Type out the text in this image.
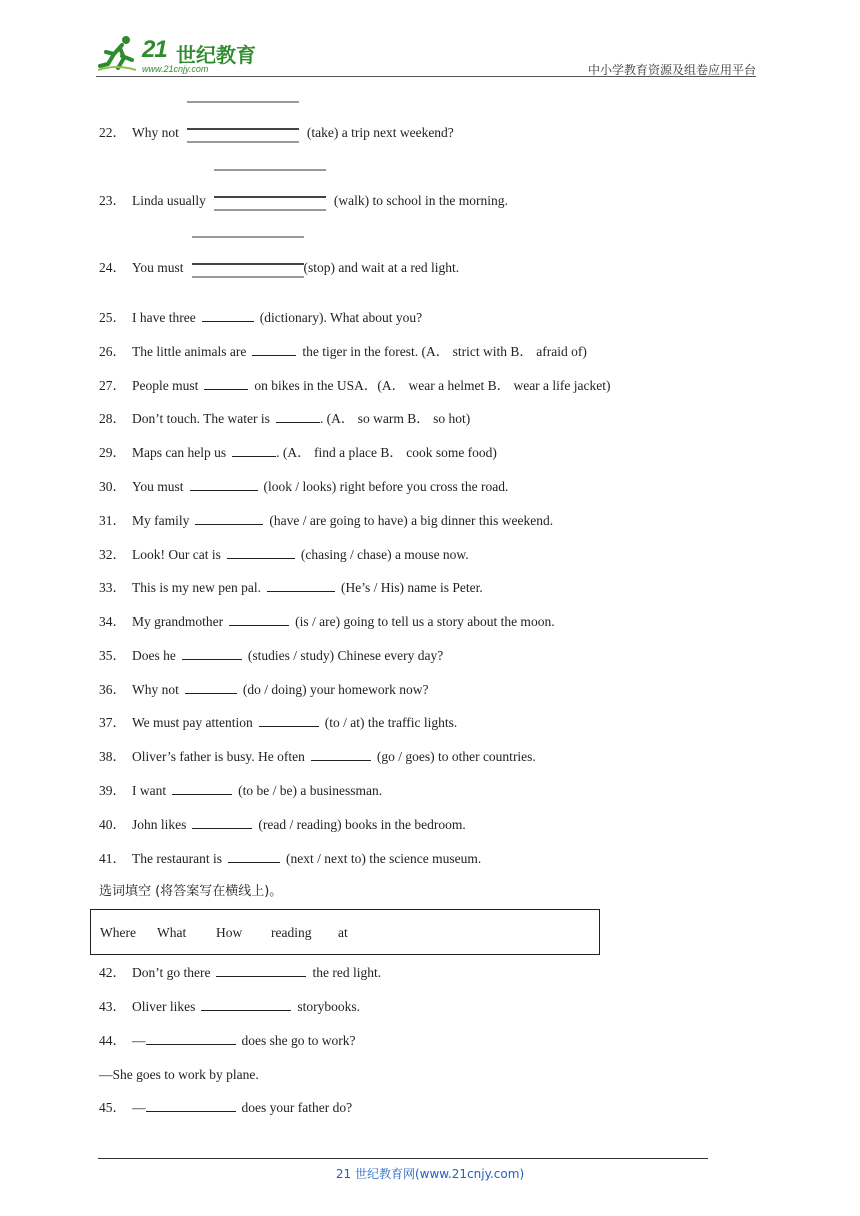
21 世纪教育
www.21cnjy.com	中小学教育资源及组卷应用平台
22． Why not	(take) a trip next weekend?
23． Linda usually	(walk) to school in the morning.
24． You must	(stop) and wait at a red light.
25． I have three	(dictionary). What about you?
26． The little animals are	the tiger in the forest. (A． strict with B． afraid of)
27． People must	on bikes in the USA．(A． wear a helmet B． wear a life jacket)
28． Don’t touch. The water is	. (A． so warm B． so hot)
29． Maps can help us	. (A． find a place B． cook some food)
30． You must	(look / looks) right before you cross the road.
31． My family	(have / are going to have) a big dinner this weekend.
32． Look! Our cat is	(chasing / chase) a mouse now.
33． This is my new pen pal.	(He’s / His) name is Peter.
34． My grandmother	(is / are) going to tell us a story about the moon.
35． Does he	(studies / study) Chinese every day?
36． Why not	(do / doing) your homework now?
37． We must pay attention	(to / at) the traffic lights.
38． Oliver’s father is busy. He often	(go / goes) to other countries.
39． I want	(to be / be) a businessman.
40． John likes	(read / reading) books in the bedroom.
41． The restaurant is	(next / next to) the science museum.
选词填空 (将答案写在横线上)。
Where What How reading at
42． Don’t go there	the red light.
43． Oliver likes	storybooks.
44． —	does she go to work?
—She goes to work by plane.
45． —	does your father do?
21 世纪教育网(www.21cnjy.com)
